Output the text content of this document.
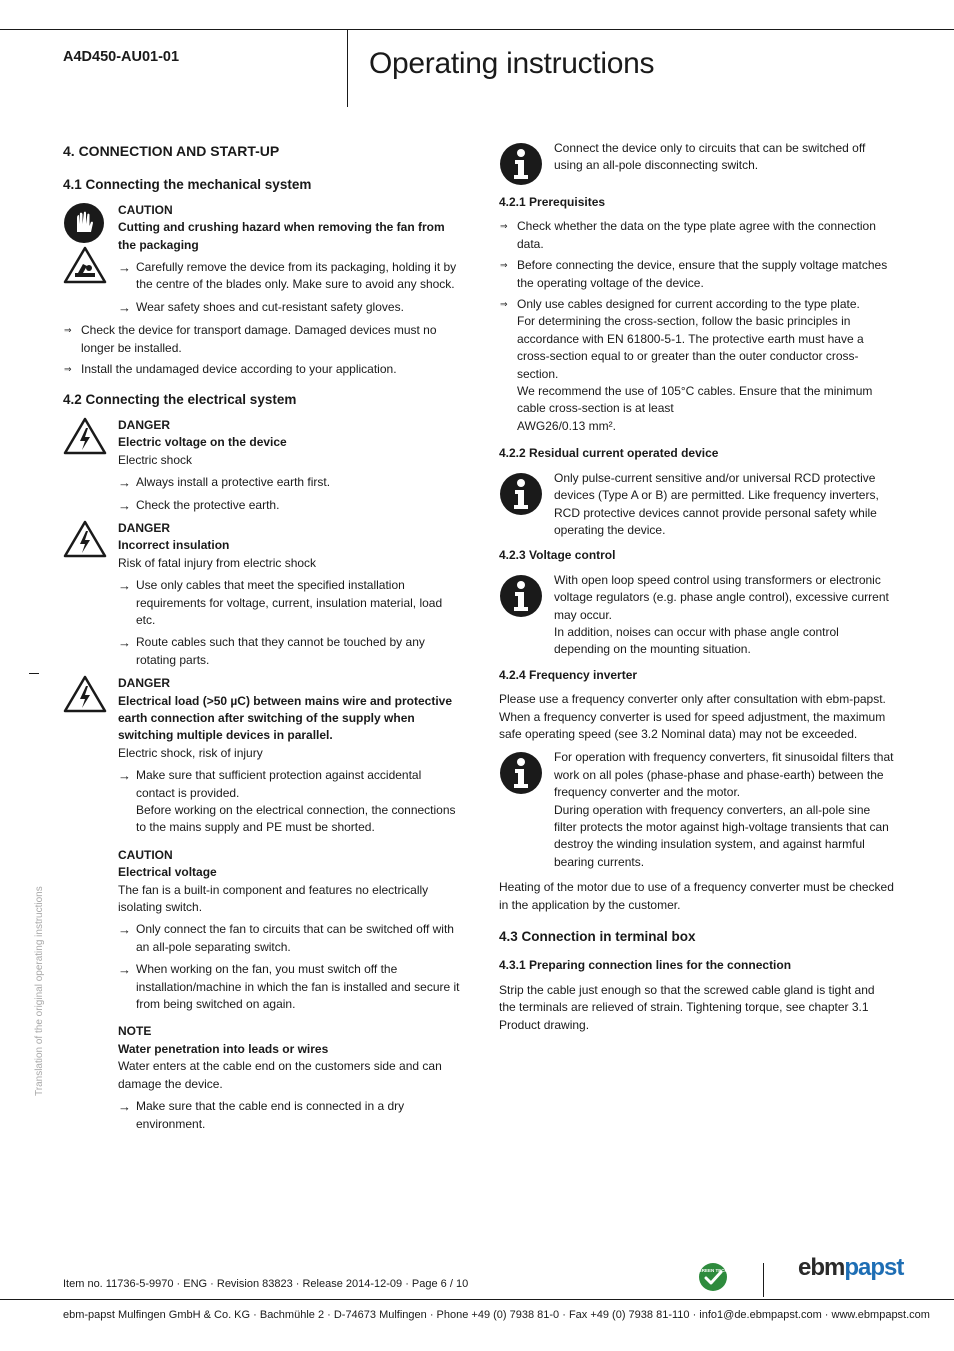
A4D450-AU01-01	Operating instructions
Translation of the original operating instructions
4. CONNECTION AND START-UP
4.1 Connecting the mechanical system
CAUTION
Cutting and crushing hazard when removing the fan from the packaging
→ Carefully remove the device from its packaging, holding it by the centre of the blades only. Make sure to avoid any shock.
→ Wear safety shoes and cut-resistant safety gloves.
⇒ Check the device for transport damage. Damaged devices must no longer be installed.
⇒ Install the undamaged device according to your application.
4.2 Connecting the electrical system
DANGER
Electric voltage on the device
Electric shock
→ Always install a protective earth first.
→ Check the protective earth.
DANGER
Incorrect insulation
Risk of fatal injury from electric shock
→ Use only cables that meet the specified installation requirements for voltage, current, insulation material, load etc.
→ Route cables such that they cannot be touched by any rotating parts.
DANGER
Electrical load (>50 µC) between mains wire and protective earth connection after switching of the supply when switching multiple devices in parallel.
Electric shock, risk of injury
→ Make sure that sufficient protection against accidental contact is provided.
Before working on the electrical connection, the connections to the mains supply and PE must be shorted.
CAUTION
Electrical voltage
The fan is a built-in component and features no electrically isolating switch.
→ Only connect the fan to circuits that can be switched off with an all-pole separating switch.
→ When working on the fan, you must switch off the installation/machine in which the fan is installed and secure it from being switched on again.
NOTE
Water penetration into leads or wires
Water enters at the cable end on the customers side and can damage the device.
→ Make sure that the cable end is connected in a dry environment.
Connect the device only to circuits that can be switched off using an all-pole disconnecting switch.
4.2.1 Prerequisites
⇒ Check whether the data on the type plate agree with the connection data.
⇒ Before connecting the device, ensure that the supply voltage matches the operating voltage of the device.
⇒ Only use cables designed for current according to the type plate.
For determining the cross-section, follow the basic principles in accordance with EN 61800-5-1. The protective earth must have a cross-section equal to or greater than the outer conductor cross-section.
We recommend the use of 105°C cables. Ensure that the minimum cable cross-section is at least
AWG26/0.13 mm².
4.2.2 Residual current operated device
Only pulse-current sensitive and/or universal RCD protective devices (Type A or B) are permitted. Like frequency inverters, RCD protective devices cannot provide personal safety while operating the device.
4.2.3 Voltage control
With open loop speed control using transformers or electronic voltage regulators (e.g. phase angle control), excessive current may occur.
In addition, noises can occur with phase angle control depending on the mounting situation.
4.2.4 Frequency inverter
Please use a frequency converter only after consultation with ebm-papst. When a frequency converter is used for speed adjustment, the maximum safe operating speed (see 3.2 Nominal data) may not be exceeded.
For operation with frequency converters, fit sinusoidal filters that work on all poles (phase-phase and phase-earth) between the frequency converter and the motor.
During operation with frequency converters, an all-pole sine filter protects the motor against high-voltage transients that can destroy the winding insulation system, and against harmful bearing currents.
Heating of the motor due to use of a frequency converter must be checked in the application by the customer.
4.3 Connection in terminal box
4.3.1 Preparing connection lines for the connection
Strip the cable just enough so that the screwed cable gland is tight and the terminals are relieved of strain. Tightening torque, see chapter 3.1 Product drawing.
Item no. 11736-5-9970 · ENG · Revision 83823 · Release 2014-12-09 · Page 6 / 10
GREEN TECH	ebmpapst
ebm-papst Mulfingen GmbH & Co. KG · Bachmühle 2 · D-74673 Mulfingen · Phone +49 (0) 7938 81-0 · Fax +49 (0) 7938 81-110 · info1@de.ebmpapst.com · www.ebmpapst.com
